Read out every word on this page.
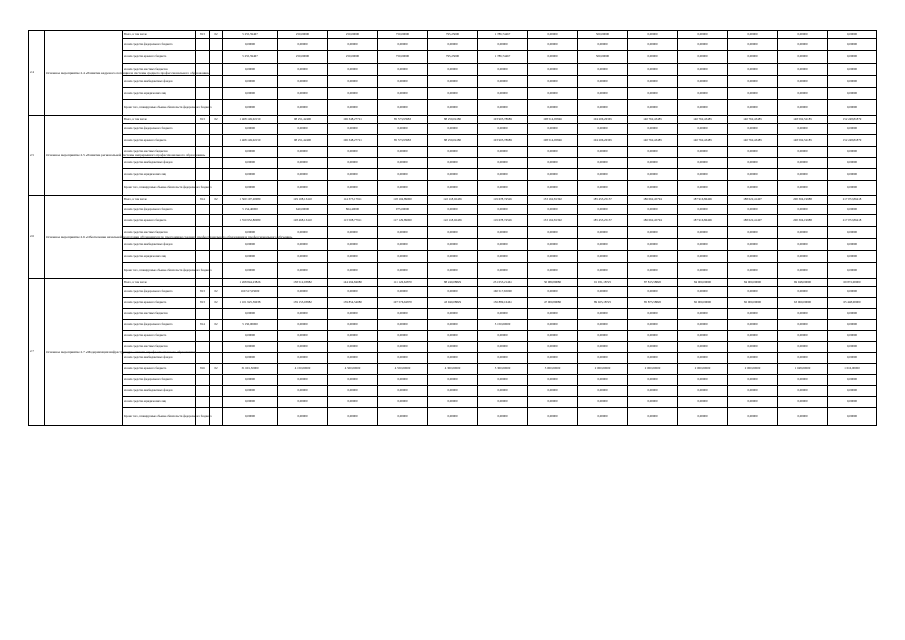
2.4	Основное мероприятие 2.4 «Развитие кадрового потенциала системы среднего профессионального образования»	Всего, в том числе	813	02	5 255,59467	250,00000	250,00000	750,00000	795,25000	1 786,74467	0,00000	500,00000	0,00000	0,00000	0,00000	0,00000	0,00000
		из них средства федерального бюджета			0,00000	0,00000	0,00000	0,00000	0,00000	0,00000	0,00000	0,00000	0,00000	0,00000	0,00000	0,00000	0,00000
		из них средства краевого бюджета			5 255,59467	250,00000	250,00000	750,00000	795,25000	1 786,74467	0,00000	500,00000	0,00000	0,00000	0,00000	0,00000	0,00000
		из них средства местных бюджетов			0,00000	0,00000	0,00000	0,00000	0,00000	0,00000	0,00000	0,00000	0,00000	0,00000	0,00000	0,00000	0,00000
		из них средства внебюджетных фондов			0,00000	0,00000	0,00000	0,00000	0,00000	0,00000	0,00000	0,00000	0,00000	0,00000	0,00000	0,00000	0,00000
		из них средства юридических лиц			0,00000	0,00000	0,00000	0,00000	0,00000	0,00000	0,00000	0,00000	0,00000	0,00000	0,00000	0,00000	0,00000
		Кроме того, планируемые объемы обязательств федерального бюджета			0,00000	0,00000	0,00000	0,00000	0,00000	0,00000	0,00000	0,00000	0,00000	0,00000	0,00000	0,00000	0,00000
2.5	Основное мероприятие 2.5 «Развитие региональной системы непрерывного профессионального образования»	Всего, в том числе	813	02	1 468 149,02150	98 251,42400	106 348,27721	85 573,93983	88 250,04180	103 905,78689	108 514,95846	104 206,26365	140 762,43485	140 762,43485	140 762,43485	148 592,52185	152 248,81879
		из них средства федерального бюджета			0,00000	0,00000	0,00000	0,00000	0,00000	0,00000	0,00000	0,00000	0,00000	0,00000	0,00000	0,00000	0,00000
		из них средства краевого бюджета			1 468 149,02150	98 251,42400	106 348,27721	85 573,93983	88 250,04180	103 905,78689	108 514,95846	104 206,26365	140 762,43485	140 762,43485	140 762,43485	148 592,52185	152 248,81879
		из них средства местных бюджетов			0,00000	0,00000	0,00000	0,00000	0,00000	0,00000	0,00000	0,00000	0,00000	0,00000	0,00000	0,00000	0,00000
		из них средства внебюджетных фондов			0,00000	0,00000	0,00000	0,00000	0,00000	0,00000	0,00000	0,00000	0,00000	0,00000	0,00000	0,00000	0,00000
		из них средства юридических лиц			0,00000	0,00000	0,00000	0,00000	0,00000	0,00000	0,00000	0,00000	0,00000	0,00000	0,00000	0,00000	0,00000
		Кроме того, планируемые объемы обязательств федерального бюджета			0,00000	0,00000	0,00000	0,00000	0,00000	0,00000	0,00000	0,00000	0,00000	0,00000	0,00000	0,00000	0,00000
2.6	Основное мероприятие 2.6 «Обеспечение начальной подготовки обучающихся по программам среднего профессионального образования и профессионального обучения»	Всего, в том числе	814	02	1 560 107,20080	129 108,13410	114 373,17911	118 104,89000	122 118,02436	119 678,74526	153 162,81392	185 453,25157	186 062,45794	187 916,86406	188 022,41407	200 304,19988	217 072,86418
		из них средства федерального бюджета			5 154,40000	640,00000	864,40000	975,00000	0,00000	0,00000	0,00000	0,00000	0,00000	0,00000	0,00000	0,00000	0,00000
		из них средства краевого бюджета			1 550 952,80080	128 468,13410	113 508,77911	117 129,89000	122 118,02436	119 678,74526	153 162,81392	185 453,25157	186 062,45794	187 916,86406	188 022,41407	200 304,19988	217 072,86418
		из них средства местных бюджетов			0,00000	0,00000	0,00000	0,00000	0,00000	0,00000	0,00000	0,00000	0,00000	0,00000	0,00000	0,00000	0,00000
		из них средства внебюджетных фондов			0,00000	0,00000	0,00000	0,00000	0,00000	0,00000	0,00000	0,00000	0,00000	0,00000	0,00000	0,00000	0,00000
		из них средства юридических лиц			0,00000	0,00000	0,00000	0,00000	0,00000	0,00000	0,00000	0,00000	0,00000	0,00000	0,00000	0,00000	0,00000
		Кроме того, планируемые объемы обязательств федерального бюджета			0,00000	0,00000	0,00000	0,00000	0,00000	0,00000	0,00000	0,00000	0,00000	0,00000	0,00000	0,00000	0,00000
2.7	Основное мероприятие 2.7 «Модернизация инфраструктуры системы профессионального образования»	Всего, в том числе			1 268 844,23826	158 512,03882	144 294,84080	111 126,62870	88 240,08829	231 053,21461	50 980,89080	91 031,18725	87 815,58820	84 000,00000	84 000,00000	69 048,00000	69 872,00000
		из них средства федерального бюджета	813	02	160 517,65000	0,00000	0,00000	0,00000	0,00000	160 517,65000	0,00000	0,00000	0,00000	0,00000	0,00000	0,00000	0,00000
		из них средства краевого бюджета	813	02	1 101 925,59038	139 153,03882	139 854,54080	107 576,62870	43 940,08829	156 889,16461	47 000,89080	89 025,18725	85 875,58820	82 000,00000	82 000,00000	63 060,00000	65 448,00000
		из них средства местных бюджетов			0,00000	0,00000	0,00000	0,00000	0,00000	0,00000	0,00000	0,00000	0,00000	0,00000	0,00000	0,00000	0,00000
		из них средства федерального бюджета	814	02	5 150,00000	0,00000	0,00000	0,00000	0,00000	5 150,00000	0,00000	0,00000	0,00000	0,00000	0,00000	0,00000	0,00000
		из них средства краевого бюджета			0,00000	0,00000	0,00000	0,00000	0,00000	0,00000	0,00000	0,00000	0,00000	0,00000	0,00000	0,00000	0,00000
		из них средства местных бюджетов			0,00000	0,00000	0,00000	0,00000	0,00000	0,00000	0,00000	0,00000	0,00000	0,00000	0,00000	0,00000	0,00000
		из них средства внебюджетных фондов			0,00000	0,00000	0,00000	0,00000	0,00000	0,00000	0,00000	0,00000	0,00000	0,00000	0,00000	0,00000	0,00000
		из них средства краевого бюджета	816	02	31 601,50000	4 150,00000	4 500,00000	4 550,00000	4 300,00000	5 300,00000	3 000,00000	2 000,00000	2 000,00000	2 000,00000	2 000,00000	1 048,00000	1 016,00000
		из них средства федерального бюджета			0,00000	0,00000	0,00000	0,00000	0,00000	0,00000	0,00000	0,00000	0,00000	0,00000	0,00000	0,00000	0,00000
		из них средства внебюджетных фондов			0,00000	0,00000	0,00000	0,00000	0,00000	0,00000	0,00000	0,00000	0,00000	0,00000	0,00000	0,00000	0,00000
		из них средства юридических лиц			0,00000	0,00000	0,00000	0,00000	0,00000	0,00000	0,00000	0,00000	0,00000	0,00000	0,00000	0,00000	0,00000
		Кроме того, планируемые объемы обязательств федерального бюджета			0,00000	0,00000	0,00000	0,00000	0,00000	0,00000	0,00000	0,00000	0,00000	0,00000	0,00000	0,00000	0,00000
